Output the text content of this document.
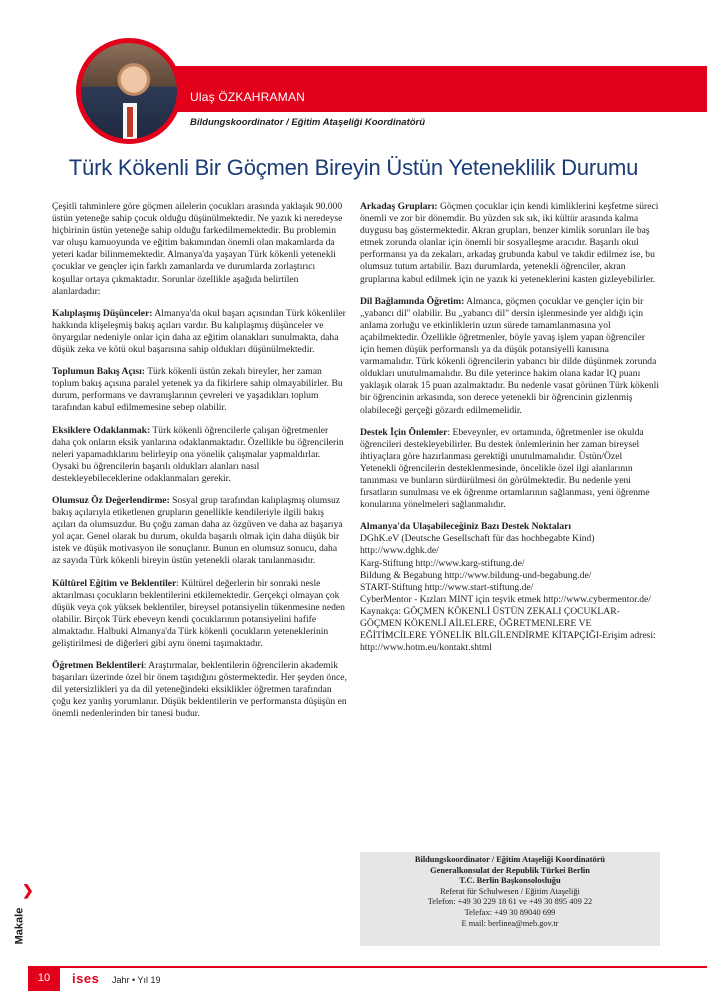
Ulaş ÖZKAHRAMAN
Bildungskoordinator / Eğitim Ataşeliği Koordinatörü
Türk Kökenli Bir Göçmen Bireyin Üstün Yeteneklilik Durumu

Çeşitli tahminlere göre göçmen ailelerin çocukları arasında yaklaşık 90.000 üstün yeteneğe sahip çocuk olduğu düşünülmektedir. Ne yazık ki neredeyse hiçbirinin üstün yeteneğe sahip olduğu farkedilmemektedir. Bu problemin var oluşu kamuoyunda ve eğitim bakımından önemli olan makamlarda da yeteri kadar bilinmemektedir. Almanya'da yaşayan Türk kökenli yetenekli çocuklar ve gençler için farklı zamanlarda ve durumlarda zorlaştırıcı koşullar ortaya çıkmaktadır. Sorunlar özellikle aşağıda belirtilen alanlardadır:

Kalıplaşmış Düşünceler: Almanya'da okul başarı açısından Türk kökenliler hakkında klişeleşmiş bakış açıları vardır. Bu kalıplaşmış düşünceler ve önyargılar nedeniyle onlar için daha az eğitim olanakları sunulmakta, daha düşük zeka ve kötü okul başarısına sahip oldukları düşünülmektedir.

Toplumun Bakış Açısı: Türk kökenli üstün zekalı bireyler, her zaman toplum bakış açısına paralel yetenek ya da fikirlere sahip olmayabilirler. Bu durum, performans ve davranışlarının çevreleri ve yaşadıkları toplum tarafından kabul edilmemesine sebep olabilir.

Eksiklere Odaklanmak: Türk kökenli öğrencilerle çalışan öğretmenler daha çok onların eksik yanlarına odaklanmaktadır. Özellikle bu öğrencilerin neleri yapamadıklarını belirleyip ona yönelik çalışmalar yapmaldırlar. Oysaki bu öğrencilerin başarılı oldukları alanları nasıl destekleyebileceklerine odaklanmaları gerekir.

Olumsuz Öz Değerlendirme: Sosyal grup tarafından kalıplaşmış olumsuz bakış açılarıyla etiketlenen grupların genellikle kendileriyle ilgili bakış açıları da olumsuzdur. Bu çoğu zaman daha az özgüven ve daha az başarıya yol açar. Genel olarak bu durum, okulda başarılı olmak için daha düşük bir istek ve düşük motivasyon ile sonuçlanır. Bunun en olumsuz sonucu, daha az sayıda Türk kökenli bireyin üstün yetenekli olarak tanılanmasıdır.

Kültürel Eğitim ve Beklentiler: Kültürel değerlerin bir sonraki nesle aktarılması çocukların beklentilerini etkilemektedir. Gerçekçi olmayan çok düşük veya çok yüksek beklentiler, bireysel potansiyelin tükenmesine neden olabilir. Birçok Türk ebeveyn kendi çocuklarının potansiyelini hafife almaktadır. Halbuki Almanya'da Türk kökenli çocukların yeteneklerinin geliştirilmesi de diğerleri gibi aynı önemi taşımaktadır.

Öğretmen Beklentileri: Araştırmalar, beklentilerin öğrencilerin akademik başarıları üzerinde özel bir önem taşıdığını göstermektedir. Her şeyden önce, dil yetersizlikleri ya da dil yeteneğindeki eksiklikler öğretmen tarafından çoğu kez yanlış yorumlanır. Düşük beklentilerin ve performansta düşüşün en önemli nedenlerinden bir tanesi budur.

Arkadaş Grupları: Göçmen çocuklar için kendi kimliklerini keşfetme süreci önemli ve zor bir dönemdir. Bu yüzden sık sık, iki kültür arasında kalma duygusu baş göstermektedir. Akran grupları, benzer kimlik sorunları ile baş etmek zorunda olanlar için önemli bir sosyalleşme aracıdır. Başarılı okul performansı ya da zekaları, arkadaş grubunda kabul ve takdir edilmez ise, bu olumsuz tutum artabilir. Bazı durumlarda, yetenekli öğrenciler, akran gruplarına kabul edilmek için ne yazık ki yeteneklerini kasten gizleyebilirler.

Dil Bağlamında Öğretim: Almanca, göçmen çocuklar ve gençler için bir „yabancı dil" olabilir. Bu „yabancı dil" dersin işlenmesinde yer aldığı için anlama zorluğu ve etkinliklerin uzun süredе tamamlanmasına yol açabilmektedir. Özellikle öğretmenler, böyle yavaş işlem yapan öğrenciler için hemen düşük performanslı ya da düşük potansiyelli kanısına varmamalıdır. Türk kökenli öğrencilerin yabancı bir dilde düşünmek zorunda oldukları unutulmamalıdır. Bu dile yeterince hakim olana kadar IQ puanı yaklaşık olarak 15 puan azalmaktadır. Bu nedenle vasat görünen Türk kökenli bir öğrencinin arkasında, son derece yetenekli bir öğrencinin gizlenmiş olabileceği gerçeği gözardı edilmemelidir.

Destek İçin Önlemler: Ebeveynler, ev ortamında, öğretmenler ise okulda öğrencileri destekleyebilirler. Bu destek önlemlerinin her zaman bireysel ihtiyaçlara göre hazırlanması gerektiği unutulmamalıdır. Üstün/Özel Yetenekli öğrencilerin desteklenmesinde, öncelikle özel ilgi alanlarının tanınması ve bunların sürdürülmesi ön görülmektedir. Bu nedenle yeni fırsatların sunulması ve ek öğrenme ortamlarının sağlanması, yeni öğrenme konularına yönelmeleri sağlanmalıdır.

Almanya'da Ulaşabileceğiniz Bazı Destek Noktaları
DGhK.eV (Deutsche Gesellschaft für das hochbegabte Kind) http://www.dghk.de/
Karg-Stiftung http://www.karg-stiftung.de/
Bildung & Begabung http://www.bildung-und-begabung.de/
START-Stiftung http://www.start-stiftung.de/
CyberMentor - Kızları MINT için teşvik etmek http://www.cybermentor.de/
Kaynakça: GÖÇMEN KÖKENLİ ÜSTÜN ZEKALI ÇOCUKLAR-GÖÇMEN KÖKENLİ AİLELERE, ÖĞRETMENLERE VE EĞİTİMCİLERE YÖNELİK BİLGİLENDİRME KİTAPÇIĞI-Erişim adresi: http://www.hotm.eu/kontakt.shtml
Bildungskoordinator / Eğitim Ataşeliği Koordinatörü
Generalkonsulat der Republik Türkei Berlin
T.C. Berlin Başkonsolosluğu
Referat für Schulwesen / Eğitim Ataşeliği
Telefon: +49 30 229 18 61 ve +49 30 895 409 22
Telefax: +49 30 89040 699
E mail: berlinea@meb.gov.tr
❯
Makale
10	ises Jahr • Yıl 19
